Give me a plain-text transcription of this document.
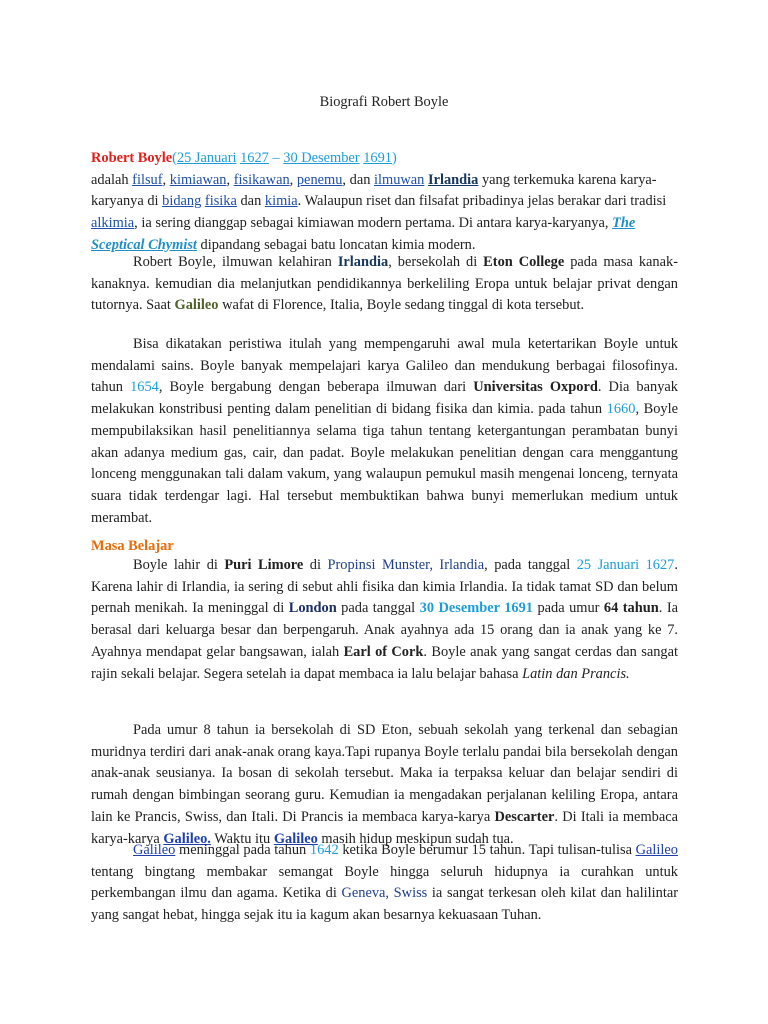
Biografi Robert Boyle

Robert Boyle(25 Januari 1627 – 30 Desember 1691)
adalah filsuf, kimiawan, fisikawan, penemu, dan ilmuwan Irlandia yang terkemuka karena karya-karyanya di bidang fisika dan kimia. Walaupun riset dan filsafat pribadinya jelas berakar dari tradisi alkimia, ia sering dianggap sebagai kimiawan modern pertama. Di antara karya-karyanya, The Sceptical Chymist dipandang sebagai batu loncatan kimia modern.

Robert Boyle, ilmuwan kelahiran Irlandia, bersekolah di Eton College pada masa kanak-kanaknya. kemudian dia melanjutkan pendidikannya berkeliling Eropa untuk belajar privat dengan tutornya. Saat Galileo wafat di Florence, Italia, Boyle sedang tinggal di kota tersebut.

Bisa dikatakan peristiwa itulah yang mempengaruhi awal mula ketertarikan Boyle untuk mendalami sains. Boyle banyak mempelajari karya Galileo dan mendukung berbagai filosofinya. tahun 1654, Boyle bergabung dengan beberapa ilmuwan dari Universitas Oxpord. Dia banyak melakukan konstribusi penting dalam penelitian di bidang fisika dan kimia. pada tahun 1660, Boyle mempubilaksikan hasil penelitiannya selama tiga tahun tentang ketergantungan perambatan bunyi akan adanya medium gas, cair, dan padat. Boyle melakukan penelitian dengan cara menggantung lonceng menggunakan tali dalam vakum, yang walaupun pemukul masih mengenai lonceng, ternyata suara tidak terdengar lagi. Hal tersebut membuktikan bahwa bunyi memerlukan medium untuk merambat.

Masa Belajar

Boyle lahir di Puri Limore di Propinsi Munster, Irlandia, pada tanggal 25 Januari 1627. Karena lahir di Irlandia, ia sering di sebut ahli fisika dan kimia Irlandia. Ia tidak tamat SD dan belum pernah menikah. Ia meninggal di London pada tanggal 30 Desember 1691 pada umur 64 tahun. Ia berasal dari keluarga besar dan berpengaruh. Anak ayahnya ada 15 orang dan ia anak yang ke 7. Ayahnya mendapat gelar bangsawan, ialah Earl of Cork. Boyle anak yang sangat cerdas dan sangat rajin sekali belajar. Segera setelah ia dapat membaca ia lalu belajar bahasa Latin dan Prancis.

Pada umur 8 tahun ia bersekolah di SD Eton, sebuah sekolah yang terkenal dan sebagian muridnya terdiri dari anak-anak orang kaya.Tapi rupanya Boyle terlalu pandai bila bersekolah dengan anak-anak seusianya. Ia bosan di sekolah tersebut. Maka ia terpaksa keluar dan belajar sendiri di rumah dengan bimbingan seorang guru. Kemudian ia mengadakan perjalanan keliling Eropa, antara lain ke Prancis, Swiss, dan Itali. Di Prancis ia membaca karya-karya Descarter. Di Itali ia membaca karya-karya Galileo. Waktu itu Galileo masih hidup meskipun sudah tua.

Galileo meninggal pada tahun 1642 ketika Boyle berumur 15 tahun. Tapi tulisan-tulisa Galileo tentang bingtang membakar semangat Boyle hingga seluruh hidupnya ia curahkan untuk perkembangan ilmu dan agama. Ketika di Geneva, Swiss ia sangat terkesan oleh kilat dan halilintar yang sangat hebat, hingga sejak itu ia kagum akan besarnya kekuasaan Tuhan.
